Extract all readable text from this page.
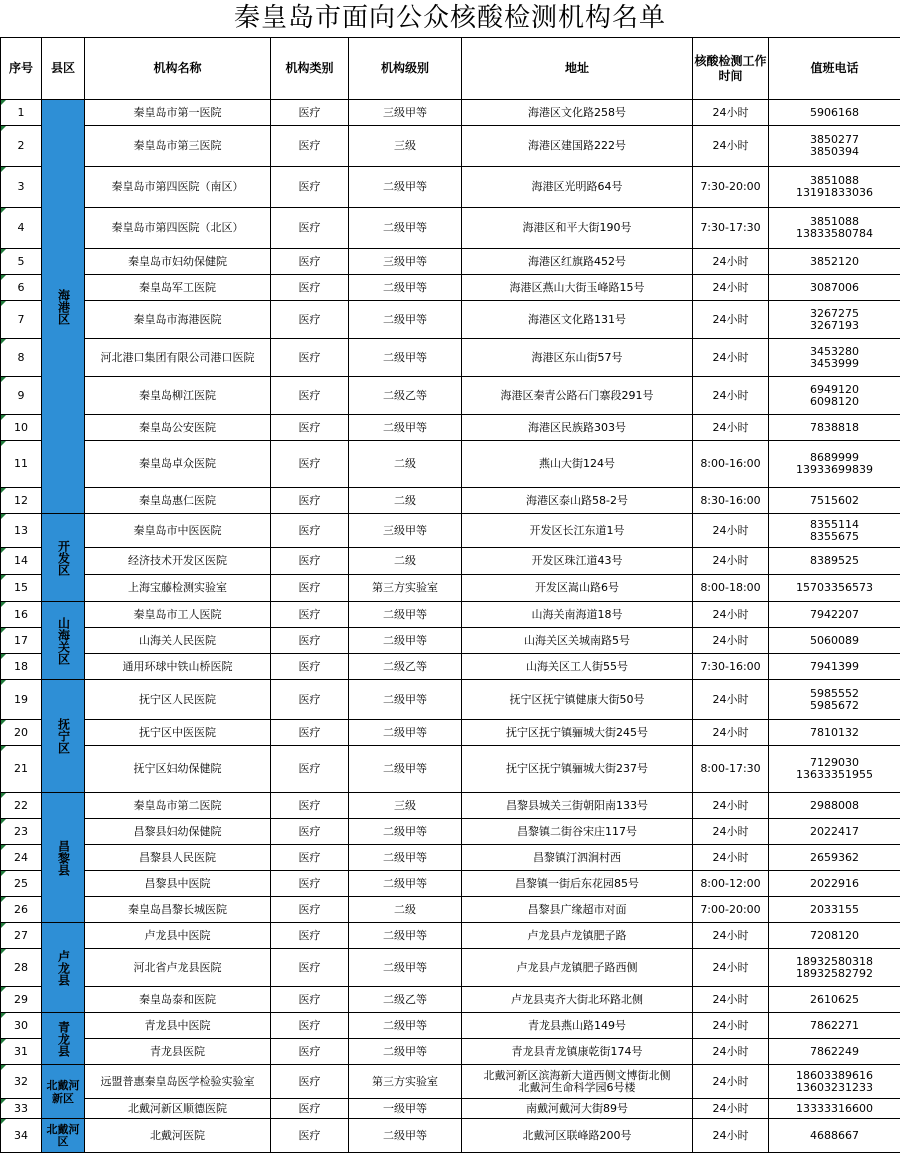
秦皇岛市面向公众核酸检测机构名单
序号	县区	机构名称	机构类别	机构级别	地址	核酸检测工作时间	值班电话
1	海港区	秦皇岛市第一医院	医疗	三级甲等	海港区文化路258号	24小时	5906168
2		秦皇岛市第三医院	医疗	三级	海港区建国路222号	24小时	3850277
3850394

3		秦皇岛市第四医院（南区）	医疗	二级甲等	海港区光明路64号	7:30-20:00	3851088
13191833036

4		秦皇岛市第四医院（北区）	医疗	二级甲等	海港区和平大街190号	7:30-17:30	3851088
13833580784

5		秦皇岛市妇幼保健院	医疗	三级甲等	海港区红旗路452号	24小时	3852120
6		秦皇岛军工医院	医疗	二级甲等	海港区燕山大街玉峰路15号	24小时	3087006
7		秦皇岛市海港医院	医疗	二级甲等	海港区文化路131号	24小时	3267275
3267193

8		河北港口集团有限公司港口医院	医疗	二级甲等	海港区东山街57号	24小时	3453280
3453999

9		秦皇岛柳江医院	医疗	二级乙等	海港区秦青公路石门寨段291号	24小时	6949120
6098120

10		秦皇岛公安医院	医疗	二级甲等	海港区民族路303号	24小时	7838818
11		秦皇岛卓众医院	医疗	二级	燕山大街124号	8:00-16:00	8689999
13933699839

12		秦皇岛惠仁医院	医疗	二级	海港区泰山路58-2号	8:30-16:00	7515602
13	开发区	秦皇岛市中医医院	医疗	三级甲等	开发区长江东道1号	24小时	8355114
8355675

14		经济技术开发区医院	医疗	二级	开发区珠江道43号	24小时	8389525
15		上海宝藤检测实验室	医疗	第三方实验室	开发区嵩山路6号	8:00-18:00	15703356573
16	山海关区	秦皇岛市工人医院	医疗	二级甲等	山海关南海道18号	24小时	7942207
17		山海关人民医院	医疗	二级甲等	山海关区关城南路5号	24小时	5060089
18		通用环球中铁山桥医院	医疗	二级乙等	山海关区工人街55号	7:30-16:00	7941399
19	抚宁区	抚宁区人民医院	医疗	二级甲等	抚宁区抚宁镇健康大街50号	24小时	5985552
5985672

20		抚宁区中医医院	医疗	二级甲等	抚宁区抚宁镇骊城大街245号	24小时	7810132
21		抚宁区妇幼保健院	医疗	二级甲等	抚宁区抚宁镇骊城大街237号	8:00-17:30	7129030
13633351955

22	昌黎县	秦皇岛市第二医院	医疗	三级	昌黎县城关三街朝阳南133号	24小时	2988008
23		昌黎县妇幼保健院	医疗	二级甲等	昌黎镇二街谷宋庄117号	24小时	2022417
24		昌黎县人民医院	医疗	二级甲等	昌黎镇汀泗涧村西	24小时	2659362
25		昌黎县中医院	医疗	二级甲等	昌黎镇一街后东花园85号	8:00-12:00	2022916
26		秦皇岛昌黎长城医院	医疗	二级	昌黎县广缘超市对面	7:00-20:00	2033155
27	卢龙县	卢龙县中医院	医疗	二级甲等	卢龙县卢龙镇肥子路	24小时	7208120
28		河北省卢龙县医院	医疗	二级甲等	卢龙县卢龙镇肥子路西侧	24小时	18932580318
18932582792

29		秦皇岛泰和医院	医疗	二级乙等	卢龙县夷齐大街北环路北侧	24小时	2610625
30	青龙县	青龙县中医院	医疗	二级甲等	青龙县燕山路149号	24小时	7862271
31		青龙县医院	医疗	二级甲等	青龙县青龙镇康乾街174号	24小时	7862249
32	北戴河新区	远盟普惠秦皇岛医学检验实验室	医疗	第三方实验室	北戴河新区滨海新大道西侧文博街北侧
北戴河生命科学园6号楼	24小时	18603389616
13603231233

33		北戴河新区顺德医院	医疗	一级甲等	南戴河戴河大街89号	24小时	13333316600
34	北戴河区	北戴河医院	医疗	二级甲等	北戴河区联峰路200号	24小时	4688667
